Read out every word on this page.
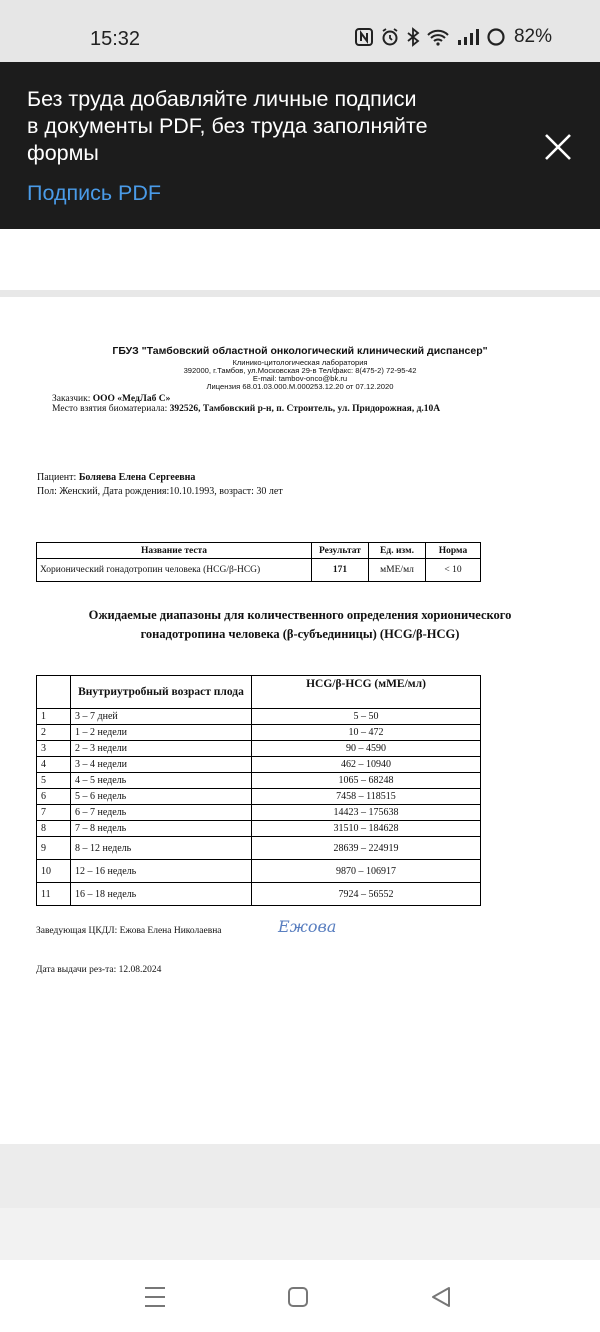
15:32	82%
Без труда добавляйте личные подписи
в документы PDF, без труда заполняйте
формы
Подпись PDF
ГБУЗ "Тамбовский областной онкологический клинический диспансер"
Клинико-цитологическая лаборатория
392000, г.Тамбов, ул.Московская 29-в Тел/факс: 8(475-2) 72-95-42
E-mail: tambov-onco@bk.ru
Лицензия 68.01.03.000.М.000253.12.20 от 07.12.2020
Заказчик: ООО «МедЛаб С»
Место взятия биоматериала: 392526, Тамбовский р-н, п. Строитель, ул. Придорожная, д.10А
Пациент: Боляева Елена Сергеевна
Пол: Женский, Дата рождения:10.10.1993, возраст: 30 лет
Название теста	Результат	Ед. изм.	Норма
Хорионический гонадотропин человека (HCG/β-HCG)	171	мМЕ/мл	< 10
Ожидаемые диапазоны для количественного определения хорионического
гонадотропина человека (β-субъединицы) (HCG/β-HCG)
	Внутриутробный возраст плода	HCG/β-HCG (мМЕ/мл)
1	3 – 7 дней	5 – 50
2	1 – 2 недели	10 – 472
3	2 – 3 недели	90 – 4590
4	3 – 4 недели	462 – 10940
5	4 – 5 недель	1065 – 68248
6	5 – 6 недель	7458 – 118515
7	6 – 7 недель	14423 – 175638
8	7 – 8 недель	31510 – 184628
9	8 – 12 недель	28639 – 224919
10	12 – 16 недель	9870 – 106917
11	16 – 18 недель	7924 – 56552
Заведующая ЦКДЛ: Ежова Елена Николаевна	Ежова
Дата выдачи рез-та: 12.08.2024
